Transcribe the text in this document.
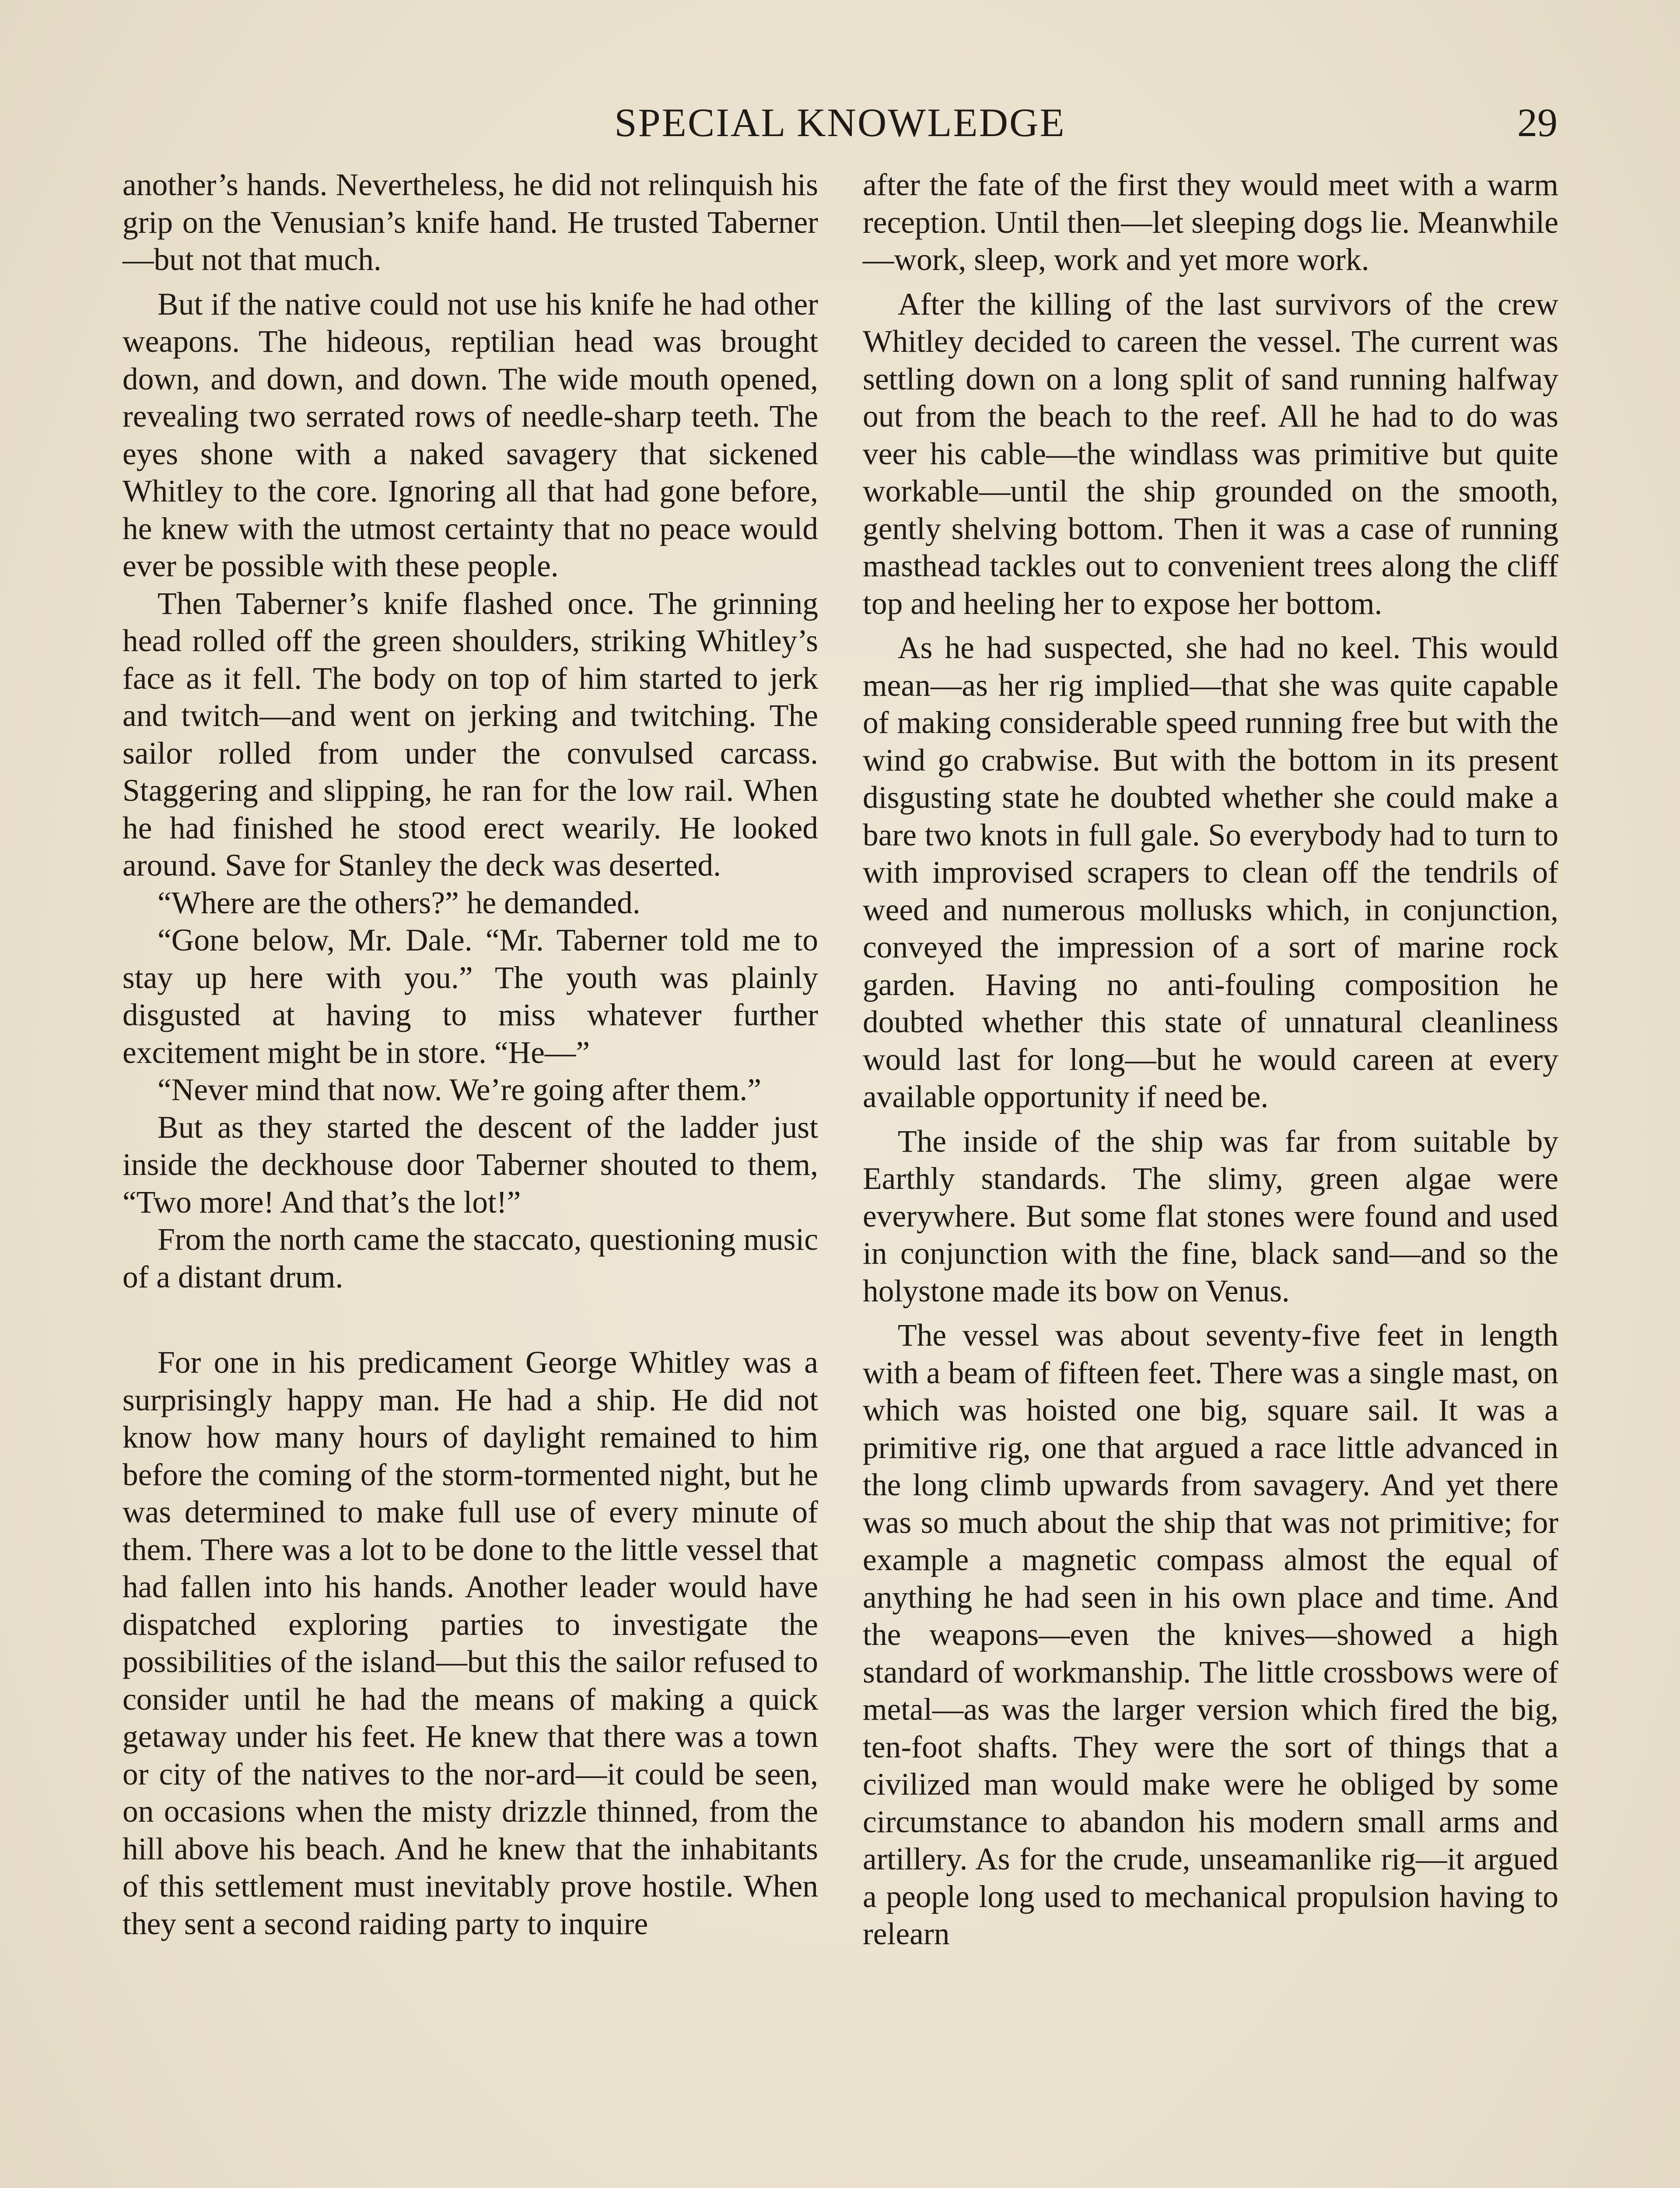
SPECIAL KNOWLEDGE	29

another’s hands. Nevertheless, he did not relinquish his grip on the Venusian’s knife hand. He trusted Taberner—but not that much.

But if the native could not use his knife he had other weapons. The hideous, reptilian head was brought down, and down, and down. The wide mouth opened, revealing two serrated rows of needle-sharp teeth. The eyes shone with a naked savagery that sickened Whitley to the core. Ignoring all that had gone before, he knew with the utmost certainty that no peace would ever be possible with these people.

Then Taberner’s knife flashed once. The grinning head rolled off the green shoulders, striking Whitley’s face as it fell. The body on top of him started to jerk and twitch—and went on jerking and twitching. The sailor rolled from under the convulsed carcass. Staggering and slipping, he ran for the low rail. When he had finished he stood erect wearily. He looked around. Save for Stanley the deck was deserted.

“Where are the others?” he demanded.

“Gone below, Mr. Dale. “Mr. Taberner told me to stay up here with you.” The youth was plainly disgusted at having to miss whatever further excitement might be in store. “He—”

“Never mind that now. We’re going after them.”

But as they started the descent of the ladder just inside the deckhouse door Taberner shouted to them, “Two more! And that’s the lot!”

From the north came the staccato, questioning music of a distant drum.

For one in his predicament George Whitley was a surprisingly happy man. He had a ship. He did not know how many hours of daylight remained to him before the coming of the storm-tormented night, but he was determined to make full use of every minute of them. There was a lot to be done to the little vessel that had fallen into his hands. Another leader would have dispatched exploring parties to investigate the possibilities of the island—but this the sailor refused to consider until he had the means of making a quick getaway under his feet. He knew that there was a town or city of the natives to the nor-ard—it could be seen, on occasions when the misty drizzle thinned, from the hill above his beach. And he knew that the inhabitants of this settlement must inevitably prove hostile. When they sent a second raiding party to inquire

after the fate of the first they would meet with a warm reception. Until then—let sleeping dogs lie. Meanwhile—work, sleep, work and yet more work.

After the killing of the last survivors of the crew Whitley decided to careen the vessel. The current was settling down on a long split of sand running halfway out from the beach to the reef. All he had to do was veer his cable—the windlass was primitive but quite workable—until the ship grounded on the smooth, gently shelving bottom. Then it was a case of running masthead tackles out to convenient trees along the cliff top and heeling her to expose her bottom.

As he had suspected, she had no keel. This would mean—as her rig implied—that she was quite capable of making considerable speed running free but with the wind go crabwise. But with the bottom in its present disgusting state he doubted whether she could make a bare two knots in full gale. So everybody had to turn to with improvised scrapers to clean off the tendrils of weed and numerous mollusks which, in conjunction, conveyed the impression of a sort of marine rock garden. Having no anti-fouling composition he doubted whether this state of unnatural cleanliness would last for long—but he would careen at every available opportunity if need be.

The inside of the ship was far from suitable by Earthly standards. The slimy, green algae were everywhere. But some flat stones were found and used in conjunction with the fine, black sand—and so the holystone made its bow on Venus.

The vessel was about seventy-five feet in length with a beam of fifteen feet. There was a single mast, on which was hoisted one big, square sail. It was a primitive rig, one that argued a race little advanced in the long climb upwards from savagery. And yet there was so much about the ship that was not primitive; for example a magnetic compass almost the equal of anything he had seen in his own place and time. And the weapons—even the knives—showed a high standard of workmanship. The little crossbows were of metal—as was the larger version which fired the big, ten-foot shafts. They were the sort of things that a civilized man would make were he obliged by some circumstance to abandon his modern small arms and artillery. As for the crude, unseamanlike rig—it argued a people long used to mechanical propulsion having to relearn
